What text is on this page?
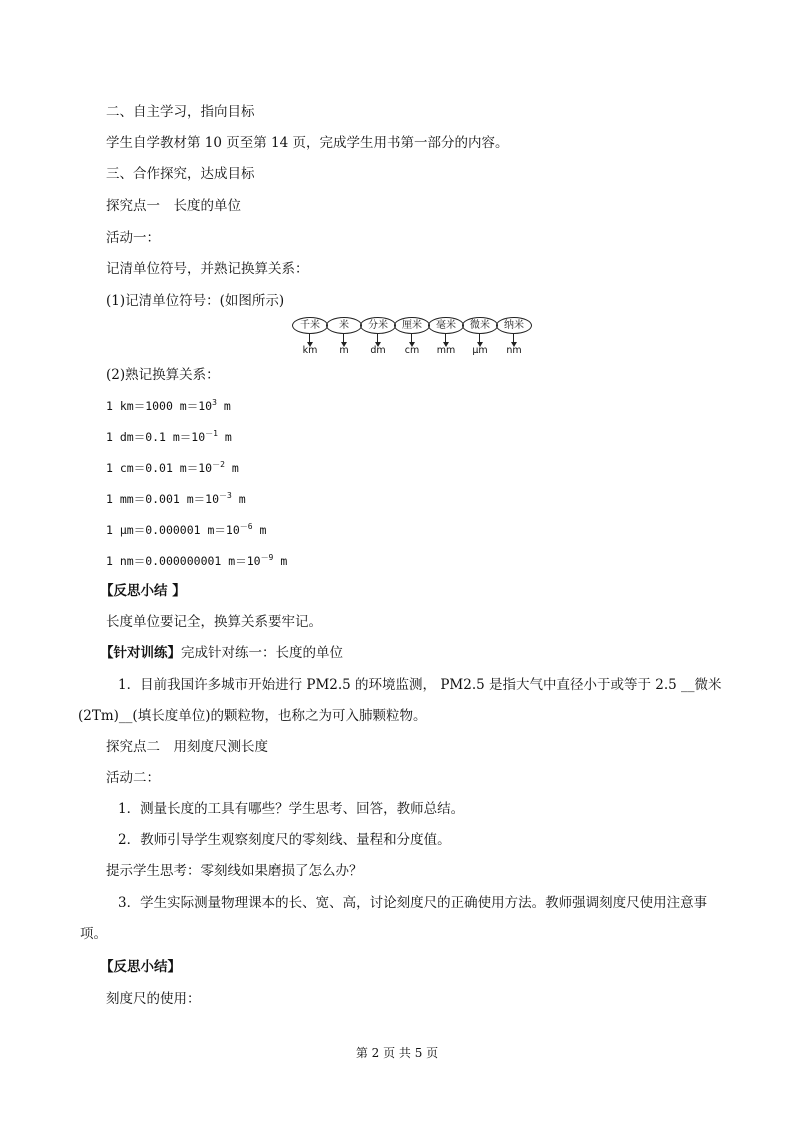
二、自主学习，指向目标
学生自学教材第 10 页至第 14 页，完成学生用书第一部分的内容。
三、合作探究，达成目标
探究点一　长度的单位
活动一：
记清单位符号，并熟记换算关系：
(1)记清单位符号：(如图所示)
千米
km
米
m
分米
dm
厘米
cm
毫米
mm
微米
μm
纳米
nm
(2)熟记换算关系：
1 km＝1000 $m=10^3$ m
1 dm＝0.1 $m=10^{-1}$ m
1 cm＝0.01 $m=10^{-2}$ m
1 mm＝0.001 $m=10^{-3}$ m
1 μm＝0.000001 $m=10^{-6}$ m
1 nm＝0.000000001 $m=10^{-9}$ m
【反思小结 】
长度单位要记全，换算关系要牢记。
【针对训练】完成针对练一：长度的单位
1．目前我国许多城市开始进行 PM2.5 的环境监测， PM2.5 是指大气中直径小于或等于 2.5 __微米
(2Tm)__(填长度单位)的颗粒物，也称之为可入肺颗粒物。
探究点二　用刻度尺测长度
活动二：
1．测量长度的工具有哪些？学生思考、回答，教师总结。
2．教师引导学生观察刻度尺的零刻线、量程和分度值。
提示学生思考：零刻线如果磨损了怎么办？
3．学生实际测量物理课本的长、宽、高，讨论刻度尺的正确使用方法。教师强调刻度尺使用注意事
项。
【反思小结】
刻度尺的使用：
第 2 页 共 5 页
